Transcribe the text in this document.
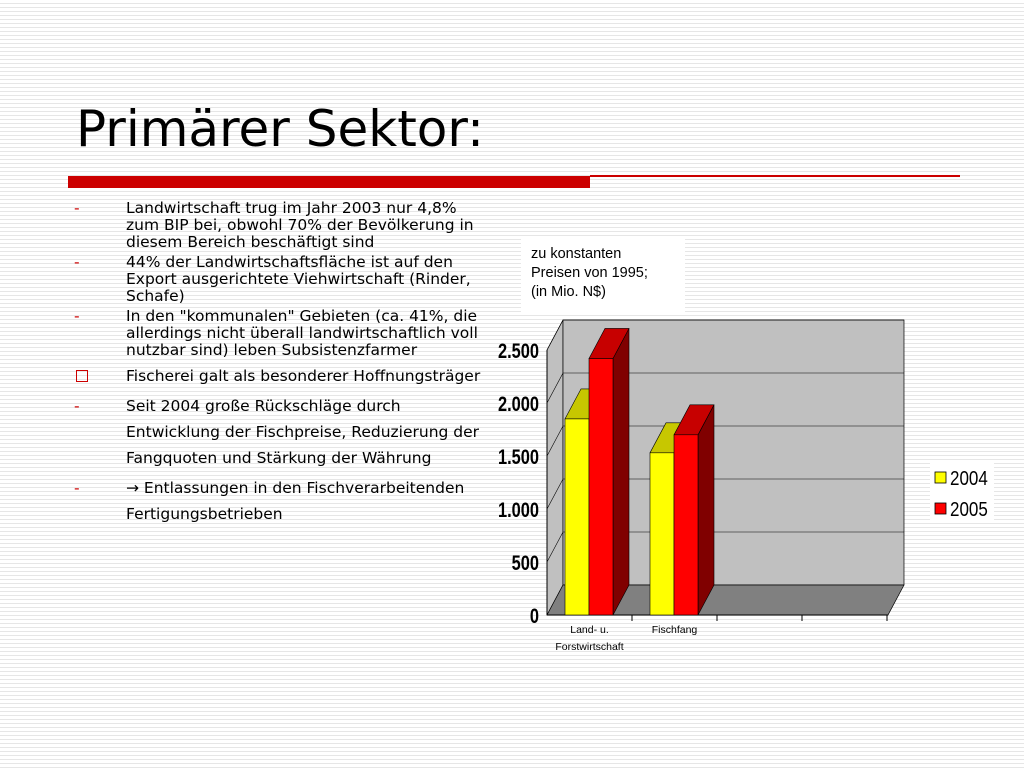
Primärer Sektor:
-	Landwirtschaft trug im Jahr 2003 nur 4,8% zum BIP bei, obwohl 70% der Bevölkerung in diesem Bereich beschäftigt sind
-	44% der Landwirtschaftsfläche ist auf den Export ausgerichtete Viehwirtschaft (Rinder, Schafe)
-	In den "kommunalen" Gebieten (ca. 41%, die allerdings nicht überall landwirtschaftlich voll nutzbar sind) leben Subsistenzfarmer
Fischerei galt als besonderer Hoffnungsträger
-	Seit 2004 große Rückschläge durch Entwicklung der Fischpreise, Reduzierung der Fangquoten und Stärkung der Währung
-	→ Entlassungen in den Fischverarbeitenden Fertigungsbetrieben
zu konstanten
Preisen von 1995;
(in Mio. N$)
0
500
1.000
1.500
2.000
2.500
Land- u.
Forstwirtschaft
Fischfang
2004
2005
